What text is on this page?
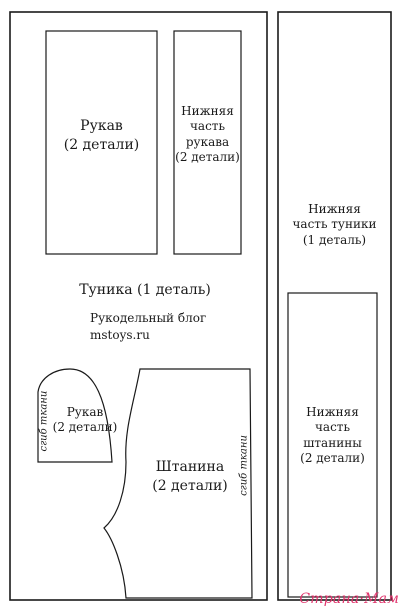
Рукав
(2 детали)
Нижняя
часть
рукава
(2 детали)
Нижняя
часть туники
(1 деталь)
Туника (1 деталь)
Рукодельный блог
mstoys.ru
Рукав
(2 детали)
сгиб ткани
Штанина
(2 детали)	сгиб ткани
Нижняя
часть
штанины
(2 детали)
Страна·Мам
